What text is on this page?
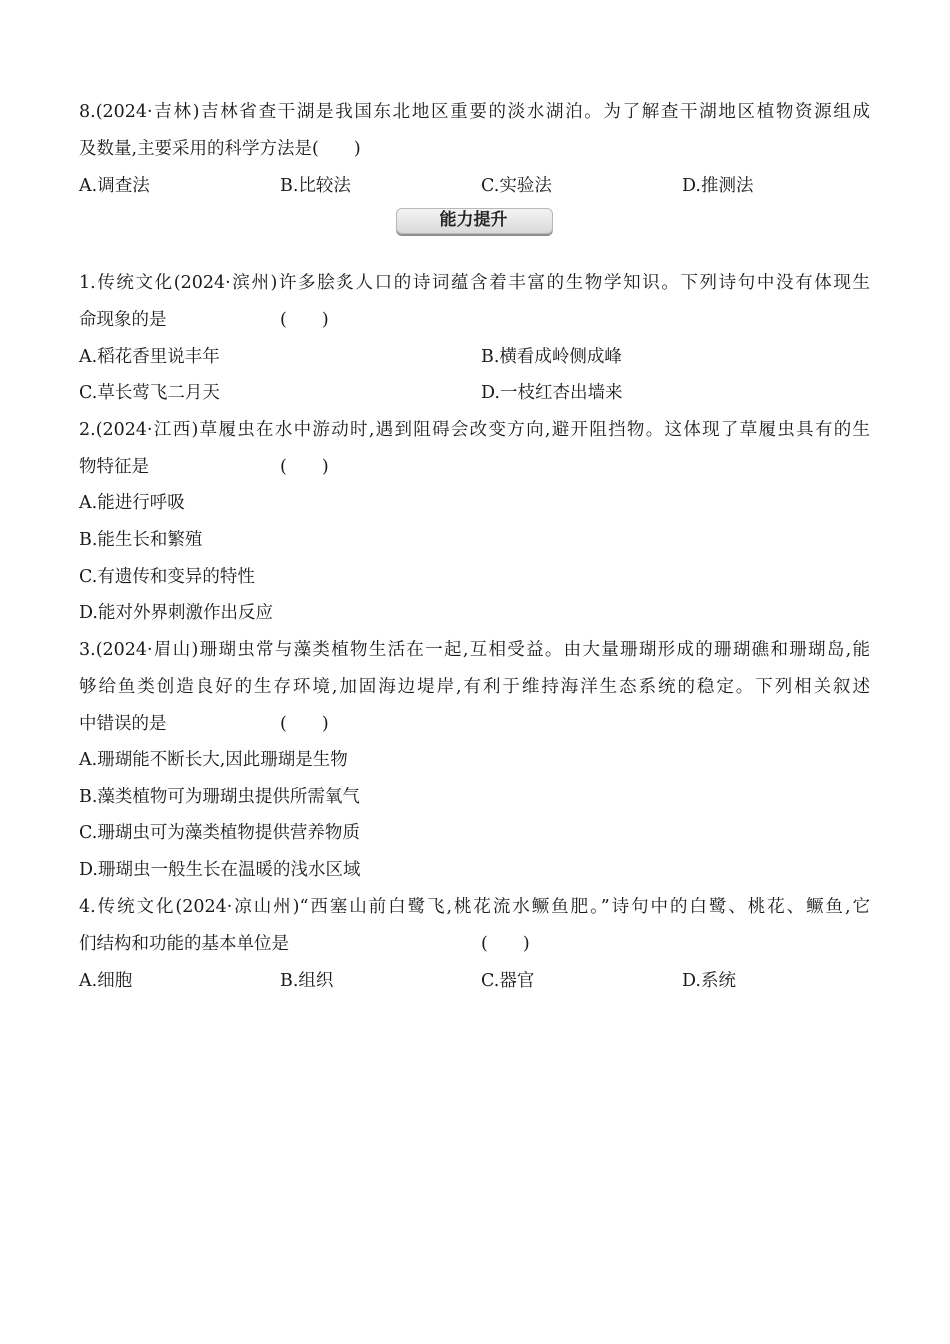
8.(2024·吉林)吉林省查干湖是我国东北地区重要的淡水湖泊。为了解查干湖地区植物资源组成
及数量,主要采用的科学方法是(　　)
A.调查法	B.比较法	C.实验法	D.推测法
能力提升
1.传统文化(2024·滨州)许多脍炙人口的诗词蕴含着丰富的生物学知识。下列诗句中没有体现生
命现象的是	(　　)
A.稻花香里说丰年	B.横看成岭侧成峰
C.草长莺飞二月天	D.一枝红杏出墙来
2.(2024·江西)草履虫在水中游动时,遇到阻碍会改变方向,避开阻挡物。这体现了草履虫具有的生
物特征是	(　　)
A.能进行呼吸
B.能生长和繁殖
C.有遗传和变异的特性
D.能对外界刺激作出反应
3.(2024·眉山)珊瑚虫常与藻类植物生活在一起,互相受益。由大量珊瑚形成的珊瑚礁和珊瑚岛,能
够给鱼类创造良好的生存环境,加固海边堤岸,有利于维持海洋生态系统的稳定。下列相关叙述
中错误的是	(　　)
A.珊瑚能不断长大,因此珊瑚是生物
B.藻类植物可为珊瑚虫提供所需氧气
C.珊瑚虫可为藻类植物提供营养物质
D.珊瑚虫一般生长在温暖的浅水区域
4.传统文化(2024·凉山州)“西塞山前白鹭飞,桃花流水鳜鱼肥。”诗句中的白鹭、桃花、鳜鱼,它
们结构和功能的基本单位是	(　　)
A.细胞	B.组织	C.器官	D.系统
